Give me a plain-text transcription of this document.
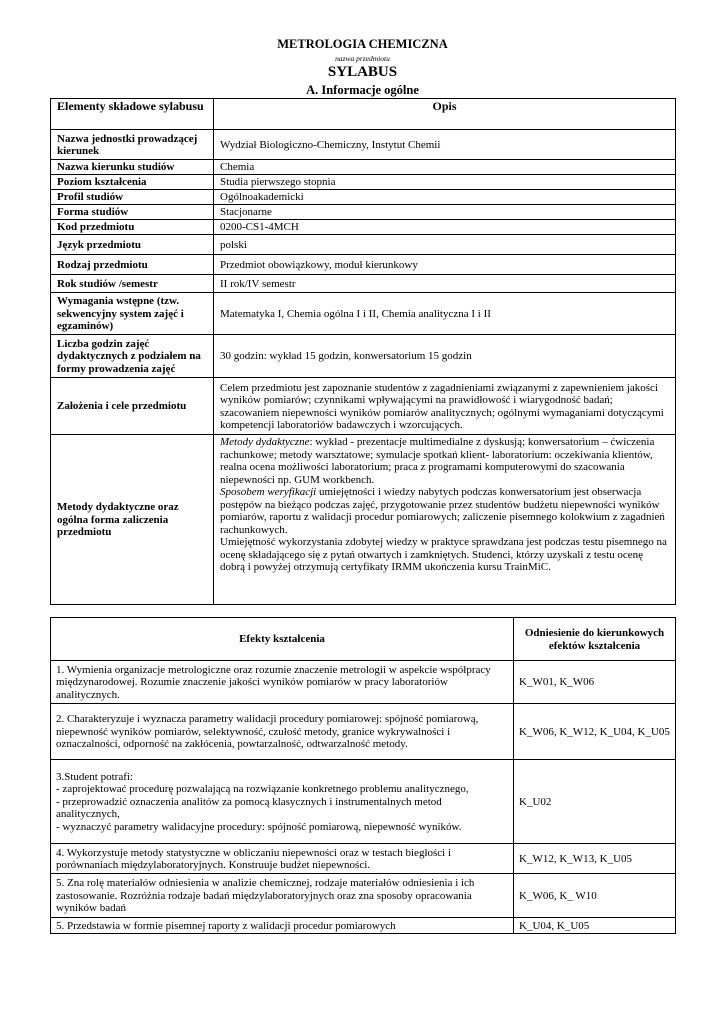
METROLOGIA CHEMICZNA
nazwa przedmiotu
SYLABUS
A. Informacje ogólne
Elementy składowe sylabusu	Opis
Nazwa jednostki prowadzącej kierunek	Wydział Biologiczno-Chemiczny, Instytut Chemii
Nazwa kierunku studiów	Chemia
Poziom kształcenia	Studia pierwszego stopnia
Profil studiów	Ogólnoakademicki
Forma studiów	Stacjonarne
Kod przedmiotu	0200-CS1-4MCH
Język przedmiotu	polski
Rodzaj przedmiotu	Przedmiot obowiązkowy, moduł kierunkowy
Rok studiów /semestr	II rok/IV semestr
Wymagania wstępne (tzw. sekwencyjny system zajęć i egzaminów)	Matematyka I, Chemia ogólna I i II, Chemia analityczna I i II
Liczba godzin zajęć dydaktycznych z podziałem na formy prowadzenia zajęć	30 godzin: wykład 15 godzin, konwersatorium 15 godzin
Założenia i cele przedmiotu	Celem przedmiotu jest zapoznanie studentów z zagadnieniami związanymi z zapewnieniem jakości wyników pomiarów; czynnikami wpływającymi na prawidłowość i wiarygodność badań; szacowaniem niepewności wyników pomiarów analitycznych; ogólnymi wymaganiami dotyczącymi kompetencji laboratoriów badawczych i wzorcujących.
Metody dydaktyczne oraz ogólna forma zaliczenia przedmiotu	Metody dydaktyczne: wykład - prezentacje multimedialne z dyskusją; konwersatorium – ćwiczenia rachunkowe; metody warsztatowe; symulacje spotkań klient- laboratorium: oczekiwania klientów, realna ocena możliwości laboratorium; praca z programami komputerowymi do szacowania niepewności np. GUM workbench.
Sposobem weryfikacji umiejętności i wiedzy nabytych podczas konwersatorium jest obserwacja postępów na bieżąco podczas zajęć, przygotowanie przez studentów budżetu niepewności wyników pomiarów, raportu z walidacji procedur pomiarowych; zaliczenie pisemnego kolokwium z zagadnień rachunkowych.
Umiejętność wykorzystania zdobytej wiedzy w praktyce sprawdzana jest podczas testu pisemnego na ocenę składającego się z pytań otwartych i zamkniętych. Studenci, którzy uzyskali z testu ocenę dobrą i powyżej otrzymują certyfikaty IRMM ukończenia kursu TrainMiC.
Efekty kształcenia	Odniesienie do kierunkowych efektów kształcenia
1. Wymienia organizacje metrologiczne oraz rozumie znaczenie metrologii w aspekcie współpracy międzynarodowej. Rozumie znaczenie jakości wyników pomiarów w pracy laboratoriów analitycznych.	K_W01, K_W06
2. Charakteryzuje i wyznacza parametry walidacji procedury pomiarowej: spójność pomiarową, niepewność wyników pomiarów, selektywność, czułość metody, granice wykrywalności i oznaczalności, odporność na zakłócenia, powtarzalność, odtwarzalność metody.	K_W06, K_W12, K_U04, K_U05

3.Student potrafi:
- zaprojektować procedurę pozwalającą na rozwiązanie konkretnego problemu analitycznego,
- przeprowadzić oznaczenia analitów za pomocą klasycznych i instrumentalnych metod analitycznych,
- wyznaczyć parametry walidacyjne procedury: spójność pomiarową, niepewność wyników.	K_U02
4. Wykorzystuje metody statystyczne w obliczaniu niepewności oraz w testach biegłości i porównaniach międzylaboratoryjnych. Konstruuje budżet niepewności.	K_W12, K_W13, K_U05
5. Zna rolę materiałów odniesienia w analizie chemicznej, rodzaje materiałów odniesienia i ich zastosowanie. Rozróżnia rodzaje badań międzylaboratoryjnych oraz zna sposoby opracowania wyników badań	K_W06, K_ W10
5. Przedstawia w formie pisemnej raporty z walidacji procedur pomiarowych	K_U04, K_U05
